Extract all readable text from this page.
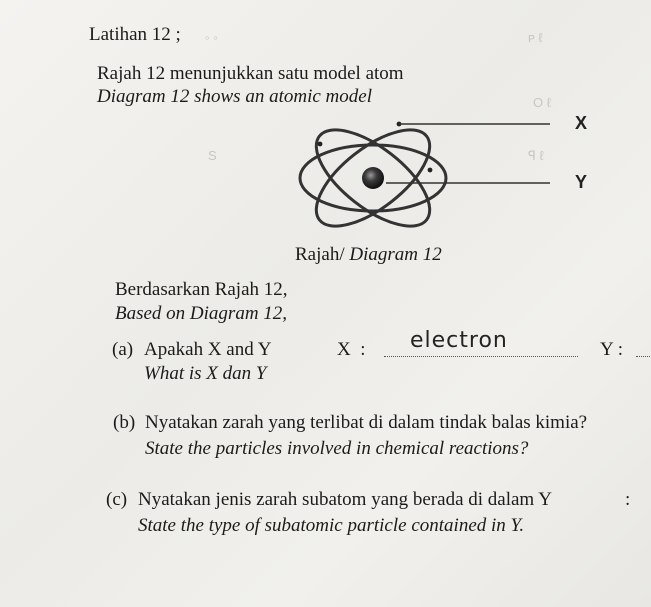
◦ ◦	ᴘ ℓ
O ℓ
ꟼ ℓ
S
Latihan 12 ;
Rajah 12 menunjukkan satu model atom
Diagram 12 shows an atomic model
X
Y
Rajah/ Diagram 12
Berdasarkan Rajah 12,
Based on Diagram 12,
(a) Apakah X and Y
What is X dan Y
X  : electron	Y :
(b) Nyatakan zarah yang terlibat di dalam tindak balas kimia?
State the particles involved in chemical reactions?
(c) Nyatakan jenis zarah subatom yang berada di dalam Y	:
State the type of subatomic particle contained in Y.
